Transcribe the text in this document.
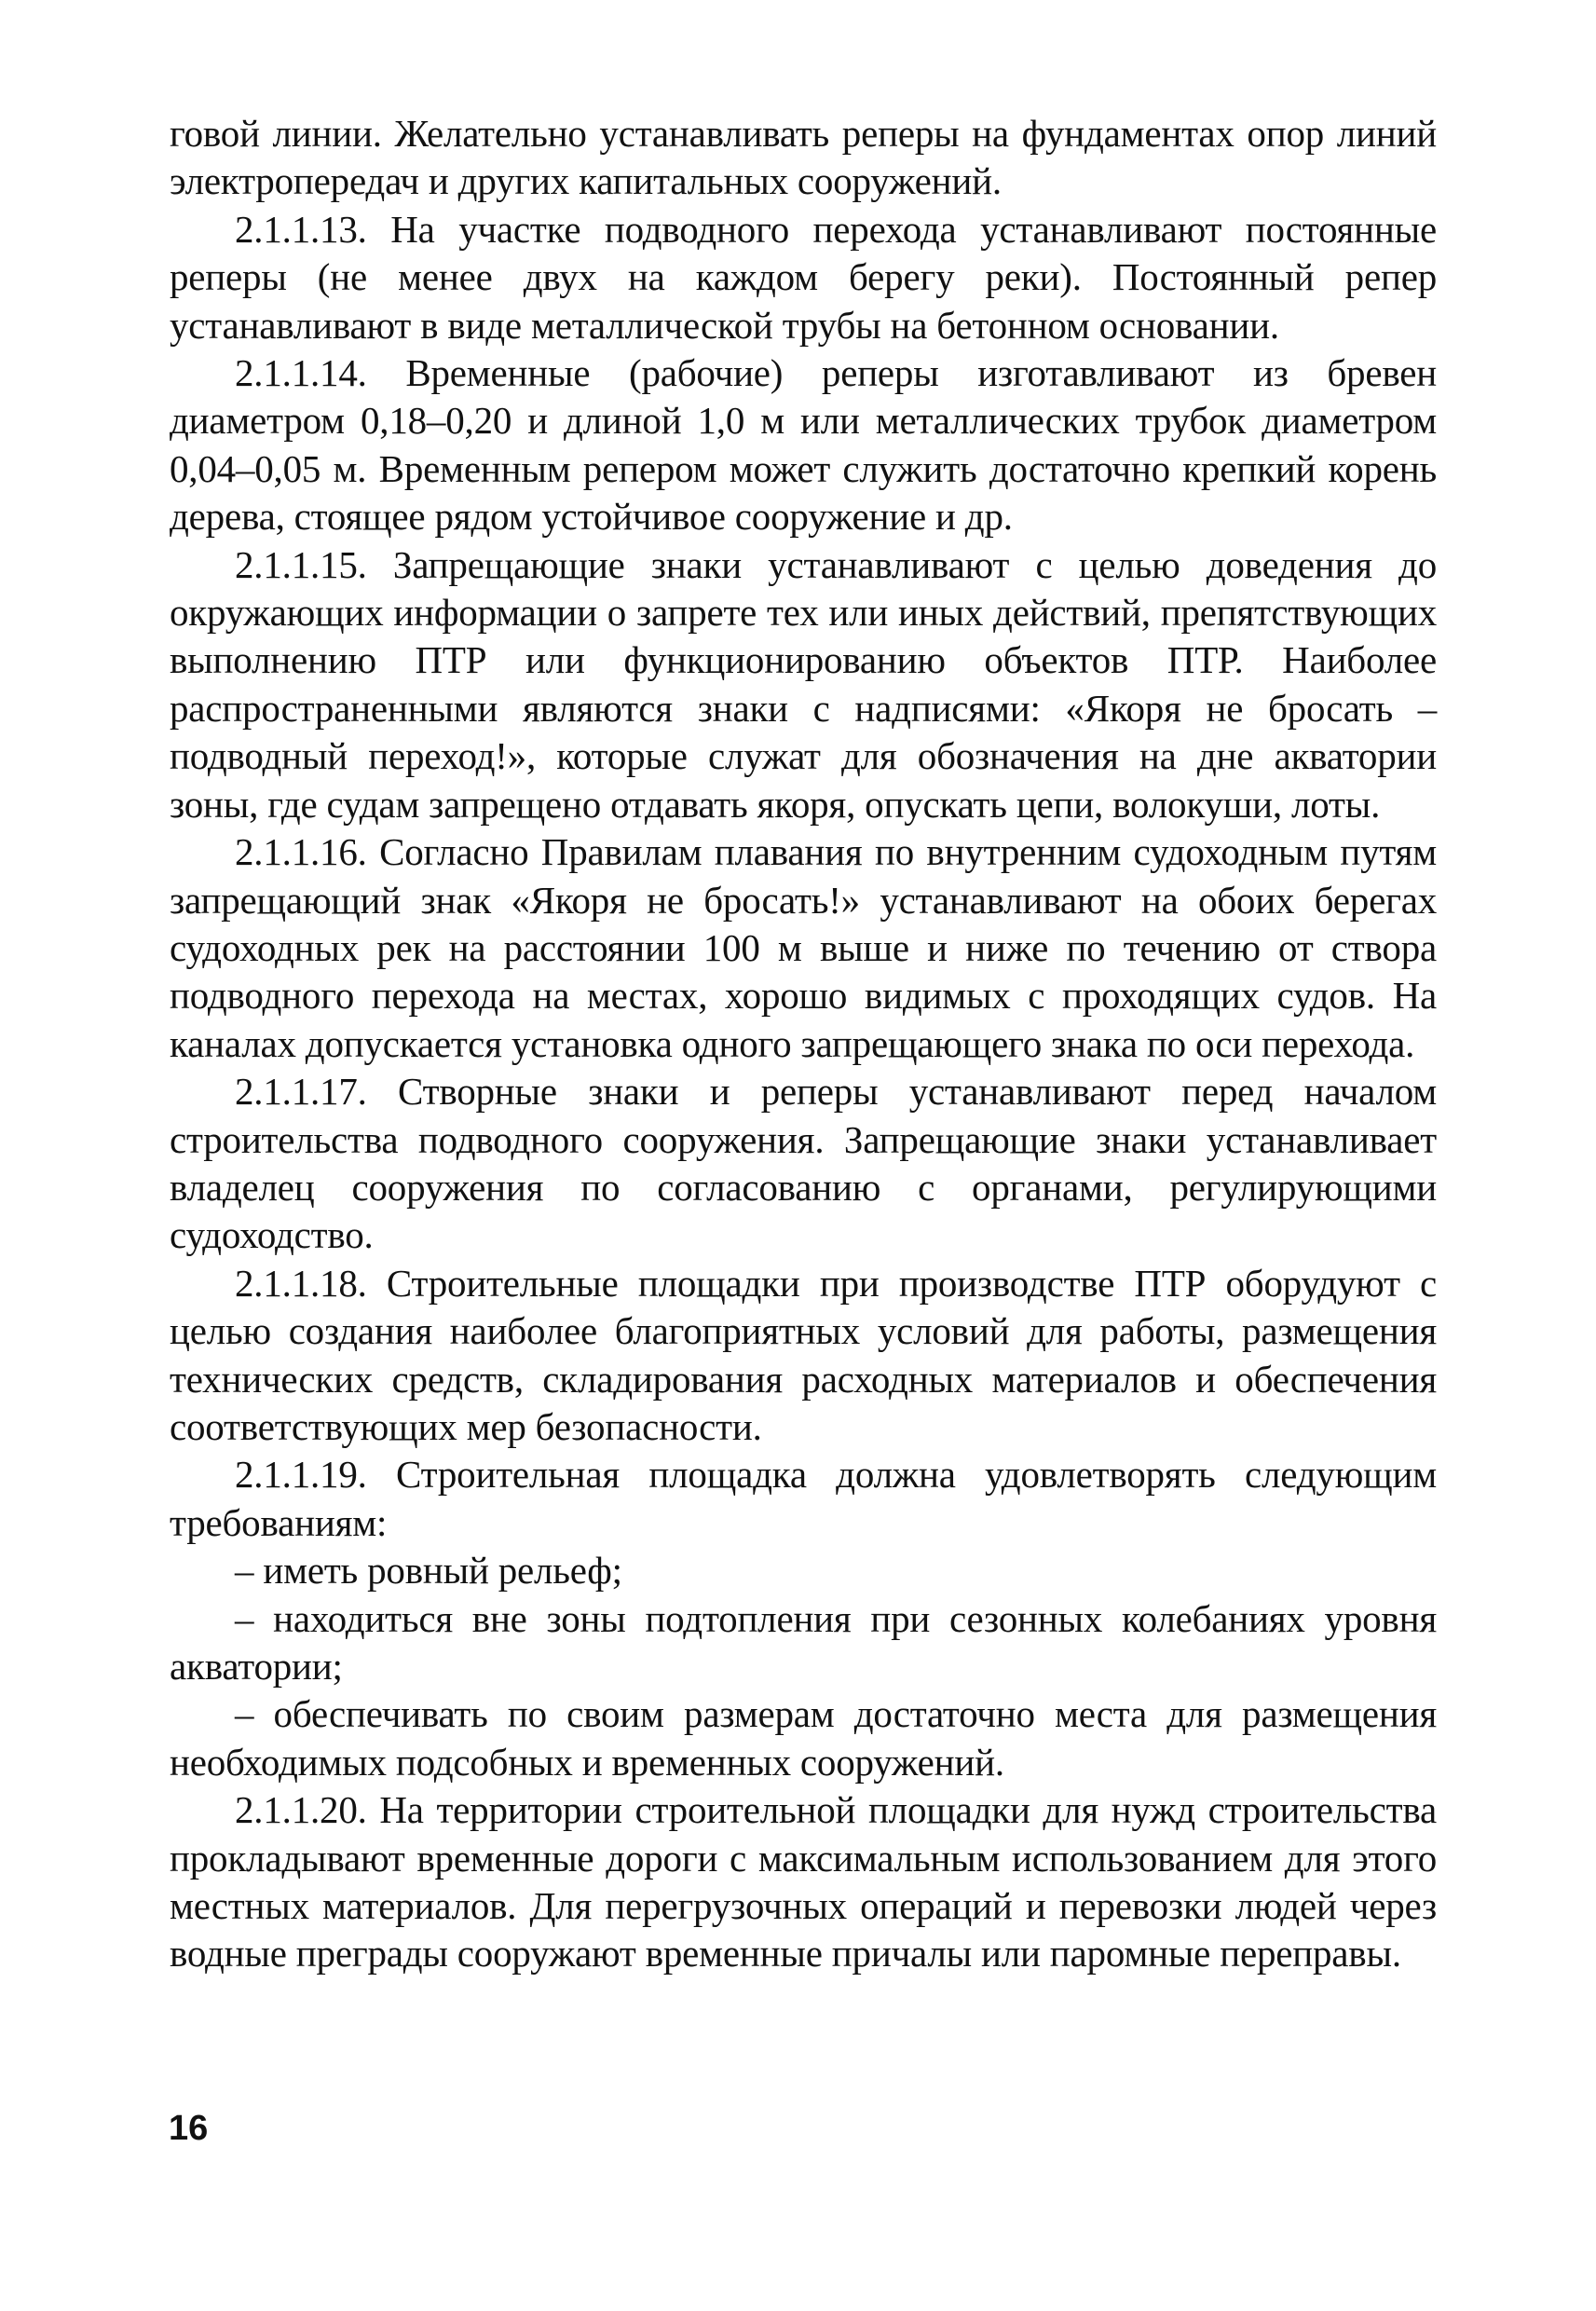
говой линии. Желательно устанавливать реперы на фундаментах опор линий электропередач и других капитальных сооружений.

2.1.1.13. На участке подводного перехода устанавливают постоянные реперы (не менее двух на каждом берегу реки). Постоянный репер устанавливают в виде металлической трубы на бетонном основании.

2.1.1.14. Временные (рабочие) реперы изготавливают из бревен диаметром 0,18–0,20 и длиной 1,0 м или металлических трубок диаметром 0,04–0,05 м. Временным репером может служить достаточно крепкий корень дерева, стоящее рядом устойчивое сооружение и др.

2.1.1.15. Запрещающие знаки устанавливают с целью доведения до окружающих информации о запрете тех или иных действий, препятствующих выполнению ПТР или функционированию объектов ПТР. Наиболее распространенными являются знаки с надписями: «Якоря не бросать – подводный переход!», которые служат для обозначения на дне акватории зоны, где судам запрещено отдавать якоря, опускать цепи, волокуши, лоты.

2.1.1.16. Согласно Правилам плавания по внутренним судоходным путям запрещающий знак «Якоря не бросать!» устанавливают на обоих берегах судоходных рек на расстоянии 100 м выше и ниже по течению от створа подводного перехода на местах, хорошо видимых с проходящих судов. На каналах допускается установка одного запрещающего знака по оси перехода.

2.1.1.17. Створные знаки и реперы устанавливают перед началом строительства подводного сооружения. Запрещающие знаки устанавливает владелец сооружения по согласованию с органами, регулирующими судоходство.

2.1.1.18. Строительные площадки при производстве ПТР оборудуют с целью создания наиболее благоприятных условий для работы, размещения технических средств, складирования расходных материалов и обеспечения соответствующих мер безопасности.

2.1.1.19. Строительная площадка должна удовлетворять следующим требованиям:

– иметь ровный рельеф;

– находиться вне зоны подтопления при сезонных колебаниях уровня акватории;

– обеспечивать по своим размерам достаточно места для размещения необходимых подсобных и временных сооружений.

2.1.1.20. На территории строительной площадки для нужд строительства прокладывают временные дороги с максимальным использованием для этого местных материалов. Для перегрузочных операций и перевозки людей через водные преграды сооружают временные причалы или паромные переправы.

16
